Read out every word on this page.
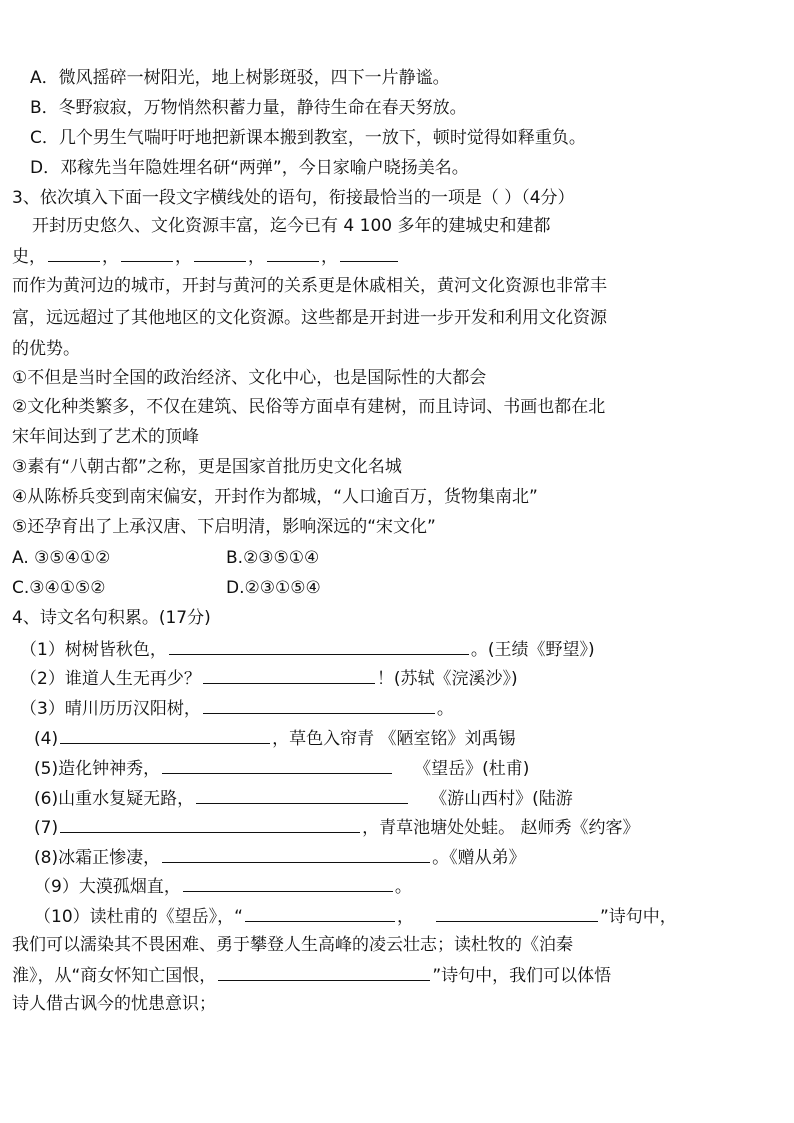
A．微风摇碎一树阳光，地上树影斑驳，四下一片静谧。
B．冬野寂寂，万物悄然积蓄力量，静待生命在春天努放。
C．几个男生气喘吁吁地把新课本搬到教室，一放下，顿时觉得如释重负。
D．邓稼先当年隐姓埋名研“两弹”，今日家喻户晓扬美名。
3、依次填入下面一段文字横线处的语句，衔接最恰当的一项是（ ）（4分）
开封历史悠久、文化资源丰富，迄今已有 4 100 多年的建城史和建都
史，	，	，	，	，
而作为黄河边的城市，开封与黄河的关系更是休戚相关，黄河文化资源也非常丰
富，远远超过了其他地区的文化资源。这些都是开封进一步开发和利用文化资源
的优势。
①不但是当时全国的政治经济、文化中心，也是国际性的大都会
②文化种类繁多，不仅在建筑、民俗等方面卓有建树，而且诗词、书画也都在北
宋年间达到了艺术的顶峰
③素有“八朝古都”之称，更是国家首批历史文化名城
④从陈桥兵变到南宋偏安，开封作为都城，“人口逾百万，货物集南北”
⑤还孕育出了上承汉唐、下启明清，影响深远的“宋文化”
A. ③⑤④①②	B.②③⑤①④
C.③④①⑤②	D.②③①⑤④
4、诗文名句积累。(17分)
（1）树树皆秋色，	。(王绩《野望》)
（2）谁道人生无再少？	！(苏轼《浣溪沙》)
（3）晴川历历汉阳树，	。
(4)	，草色入帘青 《陋室铭》刘禹锡
(5)造化钟神秀，	《望岳》(杜甫)
(6)山重水复疑无路，	《游山西村》(陆游
(7)	，青草池塘处处蛙。 赵师秀《约客》
(8)冰霜正惨凄，	。《赠从弟》
（9）大漠孤烟直，	。
（10）读杜甫的《望岳》，“	，	”诗句中，
我们可以濡染其不畏困难、勇于攀登人生高峰的凌云壮志；读杜牧的《泊秦
淮》，从“商女怀知亡国恨，	”诗句中，我们可以体悟
诗人借古讽今的忧患意识；
